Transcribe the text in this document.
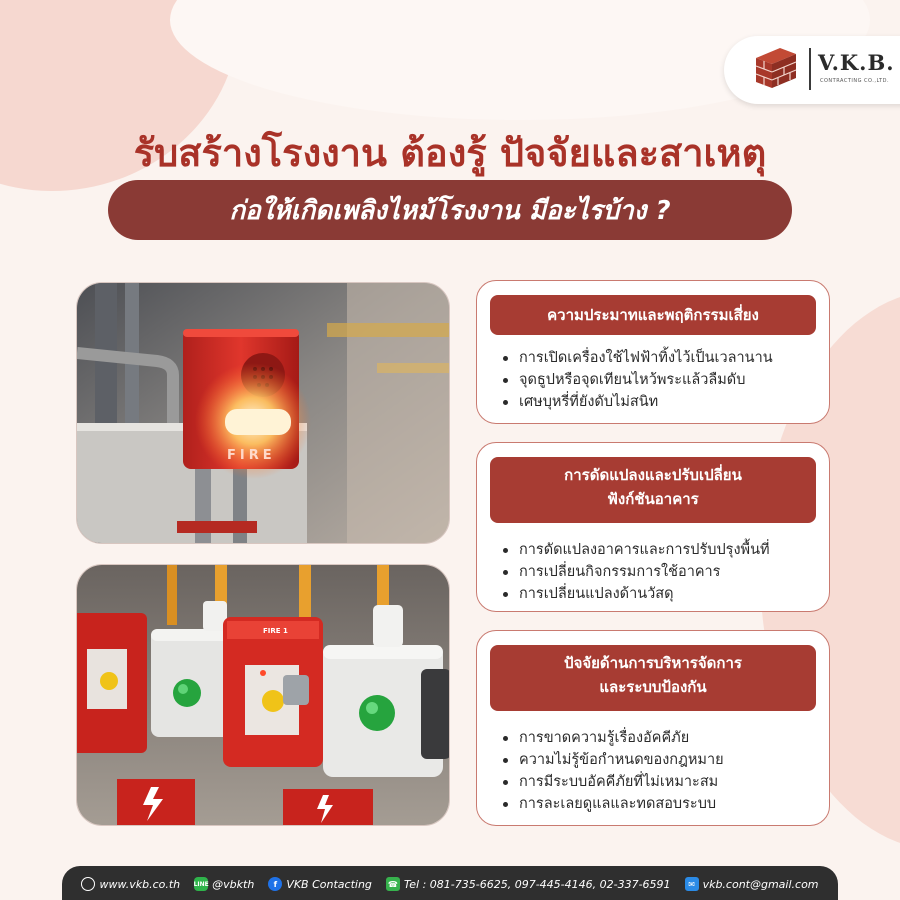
V.K.B.
CONTRACTING CO.,LTD.
รับสร้างโรงงาน ต้องรู้ ปัจจัยและสาเหตุ
ก่อให้เกิดเพลิงไหม้โรงงาน มีอะไรบ้าง ?
FIRE
FIRE 1
ความประมาทและพฤติกรรมเสี่ยง
การเปิดเครื่องใช้ไฟฟ้าทิ้งไว้เป็นเวลานาน
จุดธูปหรือจุดเทียนไหว้พระแล้วลืมดับ
เศษบุหรี่ที่ยังดับไม่สนิท
การดัดแปลงและปรับเปลี่ยน
ฟังก์ชันอาคาร
การดัดแปลงอาคารและการปรับปรุงพื้นที่
การเปลี่ยนกิจกรรมการใช้อาคาร
การเปลี่ยนแปลงด้านวัสดุ
ปัจจัยด้านการบริหารจัดการ
และระบบป้องกัน
การขาดความรู้เรื่องอัคคีภัย
ความไม่รู้ข้อกำหนดของกฎหมาย
การมีระบบอัคคีภัยที่ไม่เหมาะสม
การละเลยดูแลและทดสอบระบบ
www.vkb.co.th LINE @vbkth	f VKB Contacting ☎ Tel : 081-735-6625, 097-445-4146, 02-337-6591	✉ vkb.cont@gmail.com
